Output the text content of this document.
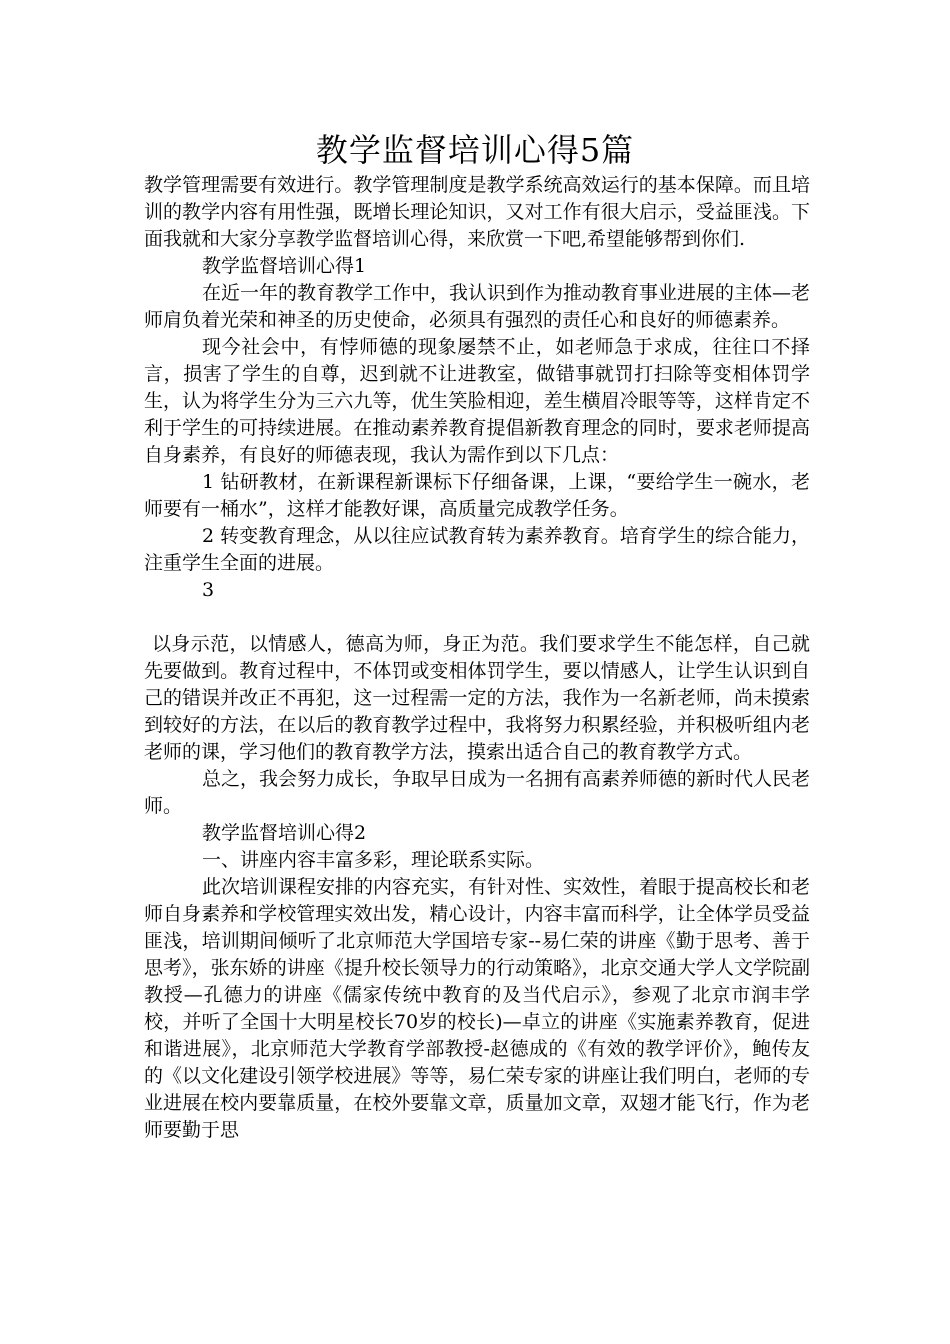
教学监督培训心得5篇

教学管理需要有效进行。教学管理制度是教学系统高效运行的基本保障。而且培训的教学内容有用性强，既增长理论知识，又对工作有很大启示，受益匪浅。下面我就和大家分享教学监督培训心得，来欣赏一下吧,希望能够帮到你们.

教学监督培训心得1

在近一年的教育教学工作中，我认识到作为推动教育事业进展的主体—老师肩负着光荣和神圣的历史使命，必须具有强烈的责任心和良好的师德素养。

现今社会中，有悖师德的现象屡禁不止，如老师急于求成，往往口不择言，损害了学生的自尊，迟到就不让进教室，做错事就罚打扫除等变相体罚学生，认为将学生分为三六九等，优生笑脸相迎，差生横眉冷眼等等，这样肯定不利于学生的可持续进展。在推动素养教育提倡新教育理念的同时，要求老师提高自身素养，有良好的师德表现，我认为需作到以下几点：

1 钻研教材，在新课程新课标下仔细备课，上课，“要给学生一碗水，老师要有一桶水”，这样才能教好课，高质量完成教学任务。

2 转变教育理念，从以往应试教育转为素养教育。培育学生的综合能力，注重学生全面的进展。

3

以身示范，以情感人，德高为师，身正为范。我们要求学生不能怎样，自己就先要做到。教育过程中，不体罚或变相体罚学生，要以情感人，让学生认识到自己的错误并改正不再犯，这一过程需一定的方法，我作为一名新老师，尚未摸索到较好的方法，在以后的教育教学过程中，我将努力积累经验，并积极听组内老老师的课，学习他们的教育教学方法，摸索出适合自己的教育教学方式。

总之，我会努力成长，争取早日成为一名拥有高素养师德的新时代人民老师。

教学监督培训心得2

一、讲座内容丰富多彩，理论联系实际。

此次培训课程安排的内容充实，有针对性、实效性，着眼于提高校长和老师自身素养和学校管理实效出发，精心设计，内容丰富而科学，让全体学员受益匪浅，培训期间倾听了北京师范大学国培专家--易仁荣的讲座《勤于思考、善于思考》，张东娇的讲座《提升校长领导力的行动策略》，北京交通大学人文学院副教授—孔德力的讲座《儒家传统中教育的及当代启示》，参观了北京市润丰学校，并听了全国十大明星校长70岁的校长)—卓立的讲座《实施素养教育，促进和谐进展》，北京师范大学教育学部教授-赵德成的《有效的教学评价》，鲍传友的《以文化建设引领学校进展》等等，易仁荣专家的讲座让我们明白，老师的专业进展在校内要靠质量，在校外要靠文章，质量加文章，双翅才能飞行，作为老师要勤于思
